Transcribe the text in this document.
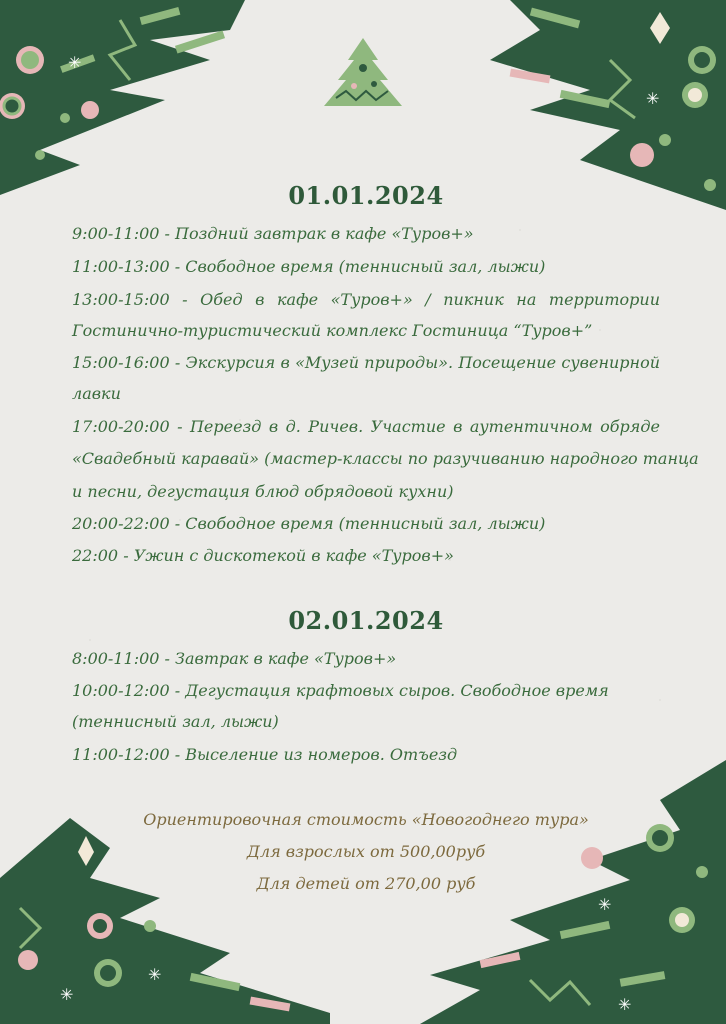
✳
✳
✳
✳
✳
✳
01.01.2024
9:00-11:00 - Поздний завтрак в кафе «Туров+»
11:00-13:00 - Свободное время (теннисный зал, лыжи)
13:00-15:00 - Обед в кафе «Туров+» / пикник на территории
Гостинично-туристический комплекс Гостиница “Туров+”
15:00-16:00 - Экскурсия в «Музей природы». Посещение сувенирной
лавки
17:00-20:00 - Переезд в д. Ричев. Участие в аутентичном обряде
«Свадебный каравай» (мастер-классы по разучиванию народного танца
и песни, дегустация блюд обрядовой кухни)
20:00-22:00 - Свободное время (теннисный зал, лыжи)
22:00 - Ужин с дискотекой в кафе «Туров+»
02.01.2024
8:00-11:00 - Завтрак в кафе «Туров+»
10:00-12:00 - Дегустация крафтовых сыров. Свободное время
(теннисный зал, лыжи)
11:00-12:00 - Выселение из номеров. Отъезд
Ориентировочная стоимость «Новогоднего тура»
Для взрослых от 500,00руб
Для детей от 270,00 руб
